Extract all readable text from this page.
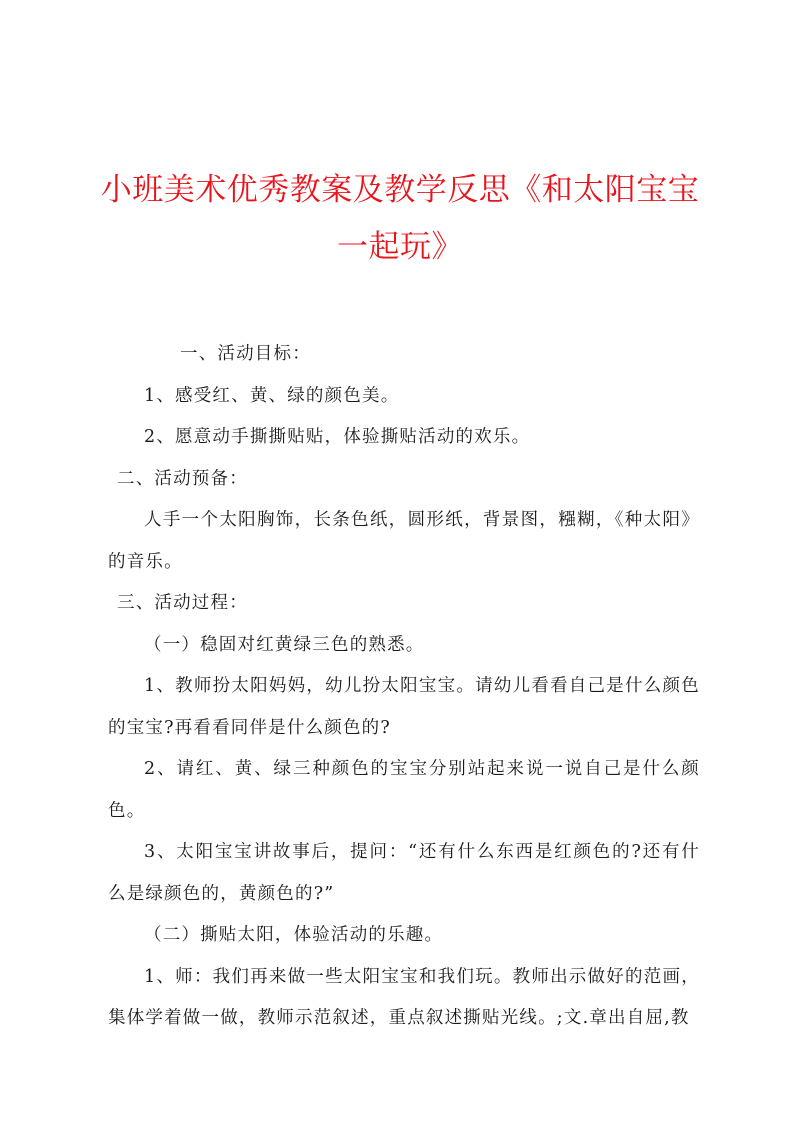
小班美术优秀教案及教学反思《和太阳宝宝一起玩》

一、活动目标：

1、感受红、黄、绿的颜色美。

2、愿意动手撕撕贴贴，体验撕贴活动的欢乐。

二、活动预备：

人手一个太阳胸饰，长条色纸，圆形纸，背景图，糨糊，《种太阳》的音乐。

三、活动过程：

（一）稳固对红黄绿三色的熟悉。

1、教师扮太阳妈妈，幼儿扮太阳宝宝。请幼儿看看自己是什么颜色的宝宝?再看看同伴是什么颜色的?

2、请红、黄、绿三种颜色的宝宝分别站起来说一说自己是什么颜色。

3、太阳宝宝讲故事后，提问：“还有什么东西是红颜色的?还有什么是绿颜色的，黄颜色的?”

（二）撕贴太阳，体验活动的乐趣。

1、师：我们再来做一些太阳宝宝和我们玩。教师出示做好的范画，集体学着做一做，教师示范叙述，重点叙述撕贴光线。;文.章出自屈,教
